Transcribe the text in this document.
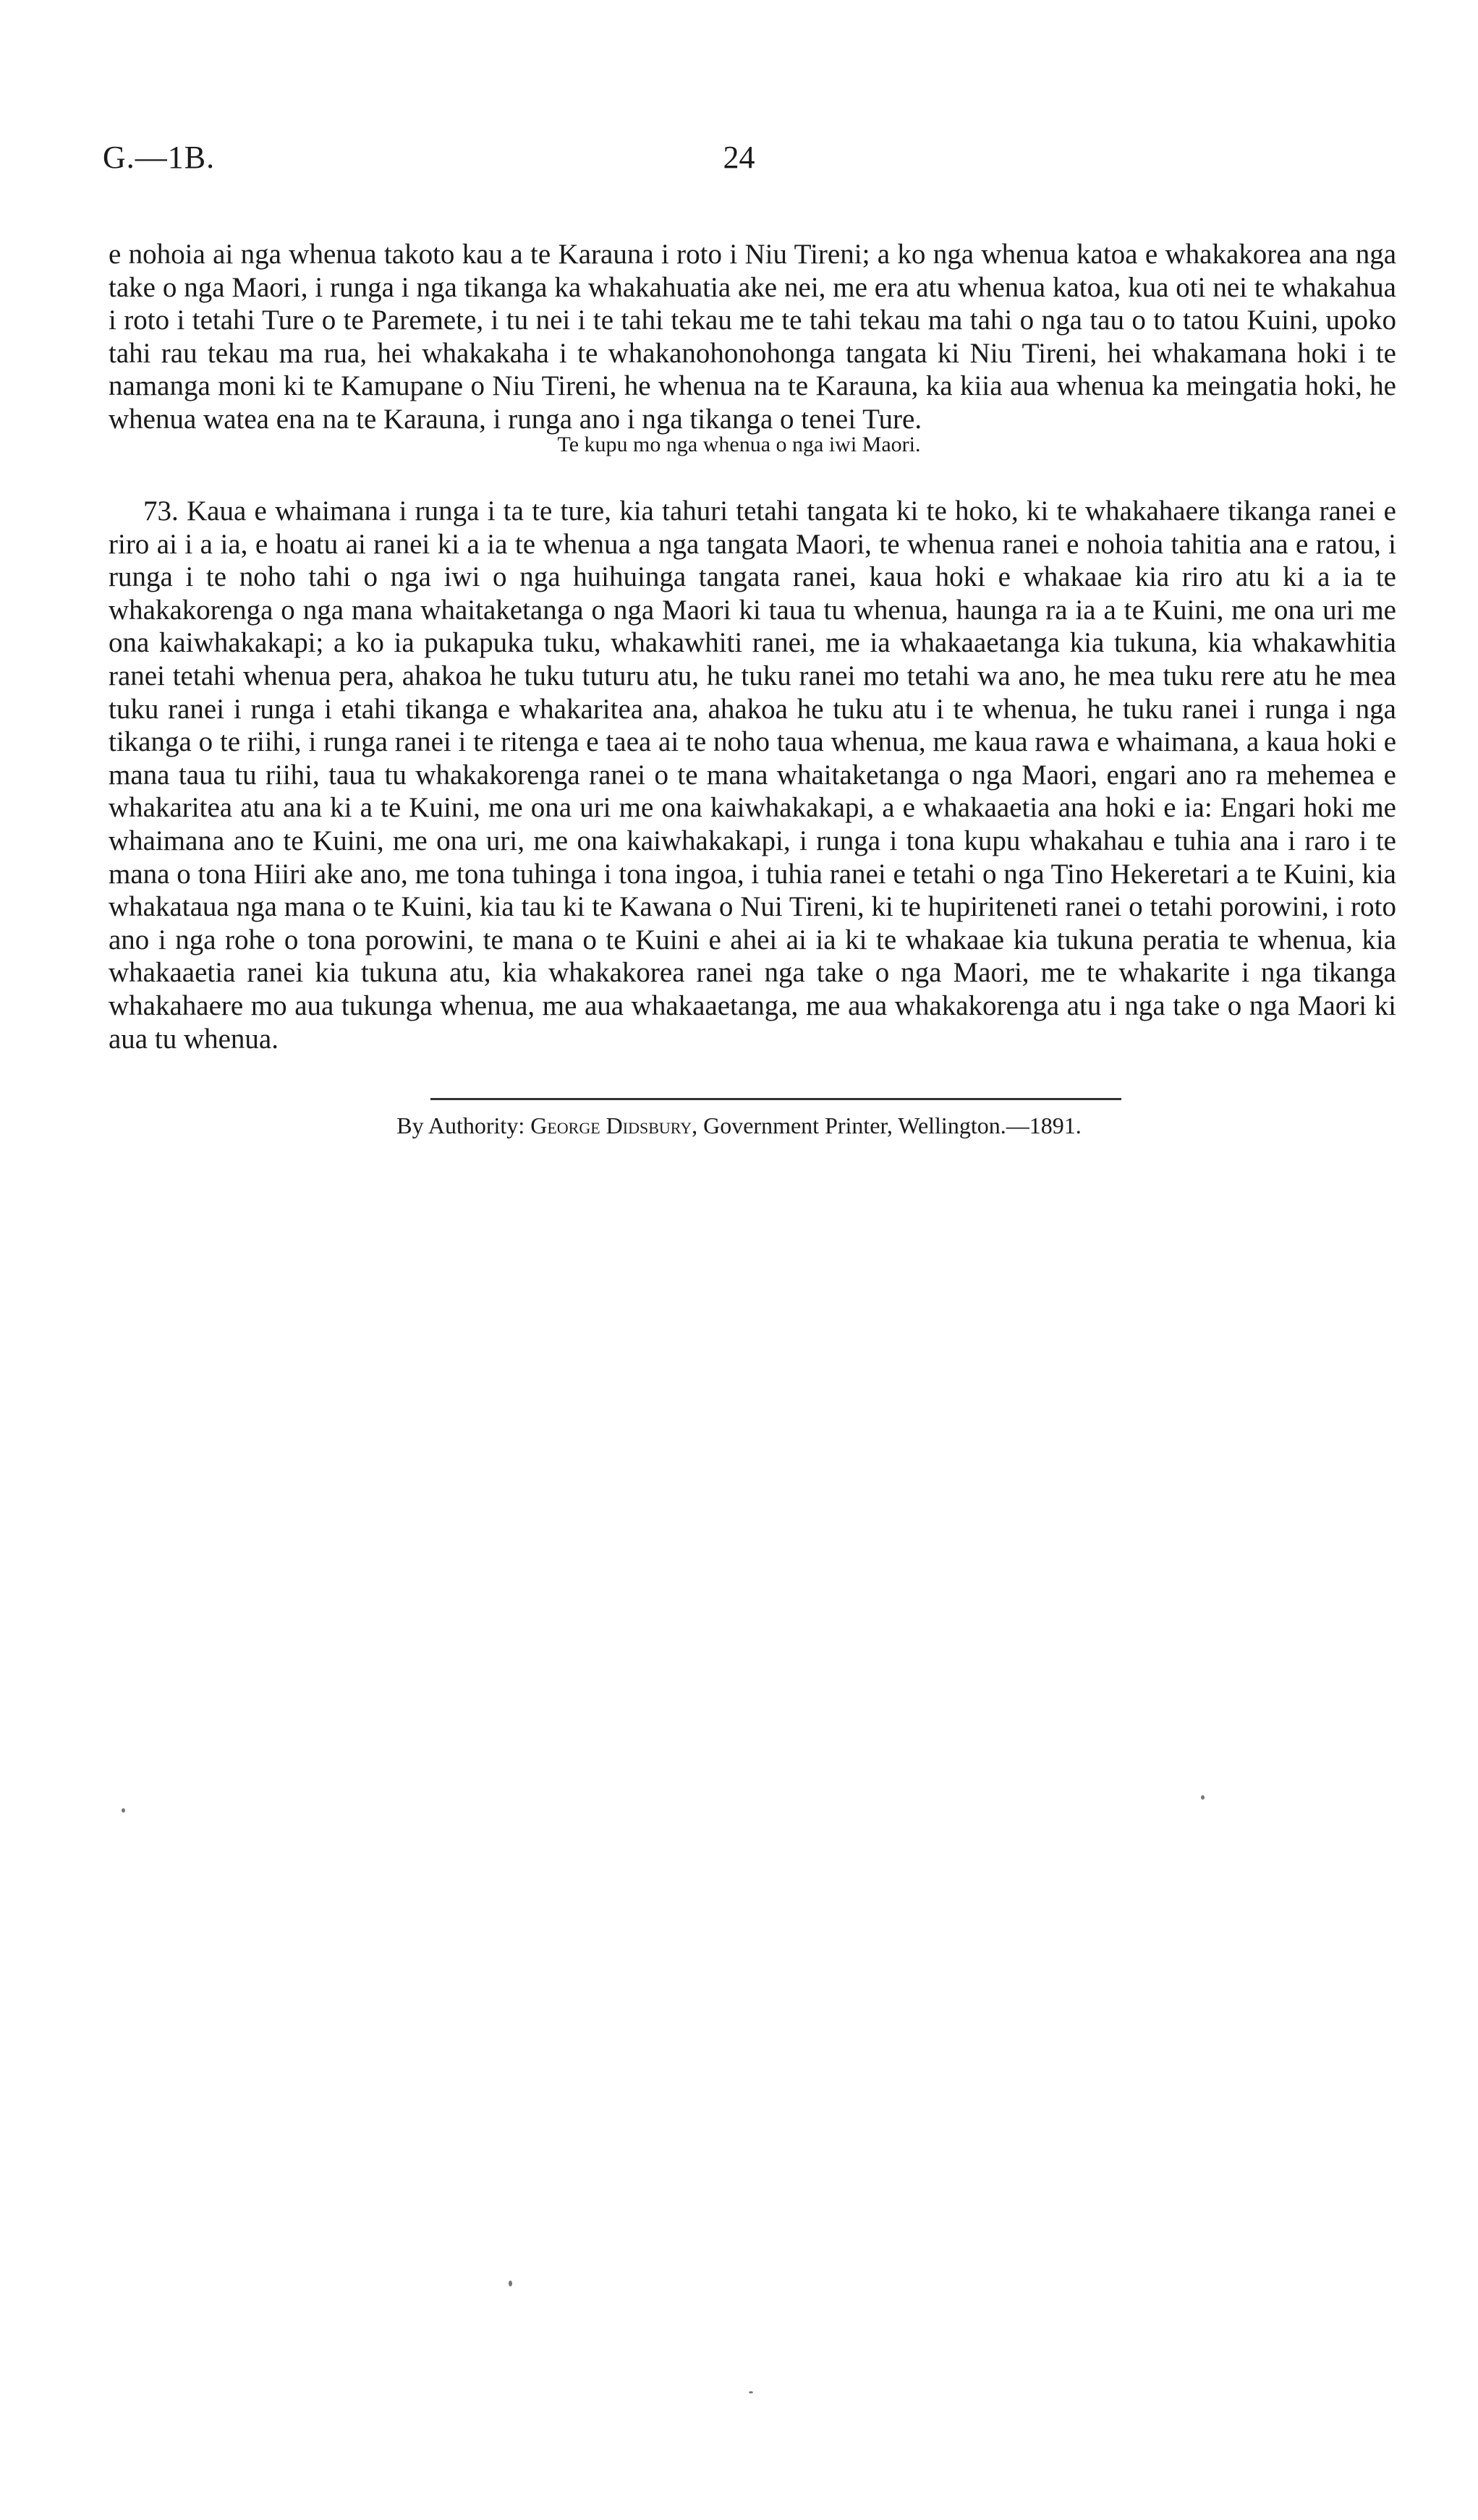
G.—1B.	24

e nohoia ai nga whenua takoto kau a te Karauna i roto i Niu Tireni; a ko nga whenua katoa e whakakorea ana nga take o nga Maori, i runga i nga tikanga ka whakahuatia ake nei, me era atu whenua katoa, kua oti nei te whakahua i roto i tetahi Ture o te Paremete, i tu nei i te tahi tekau me te tahi tekau ma tahi o nga tau o to tatou Kuini, upoko tahi rau tekau ma rua, hei whakakaha i te whakanohonohonga tangata ki Niu Tireni, hei whakamana hoki i te namanga moni ki te Kamupane o Niu Tireni, he whenua na te Karauna, ka kiia aua whenua ka meingatia hoki, he whenua watea ena na te Karauna, i runga ano i nga tikanga o tenei Ture.

Te kupu mo nga whenua o nga iwi Maori.

73. Kaua e whaimana i runga i ta te ture, kia tahuri tetahi tangata ki te hoko, ki te whakahaere tikanga ranei e riro ai i a ia, e hoatu ai ranei ki a ia te whenua a nga tangata Maori, te whenua ranei e nohoia tahitia ana e ratou, i runga i te noho tahi o nga iwi o nga huihuinga tangata ranei, kaua hoki e whakaae kia riro atu ki a ia te whakakorenga o nga mana whaitaketanga o nga Maori ki taua tu whenua, haunga ra ia a te Kuini, me ona uri me ona kaiwhakakapi; a ko ia pukapuka tuku, whakawhiti ranei, me ia whakaaetanga kia tukuna, kia whakawhitia ranei tetahi whenua pera, ahakoa he tuku tuturu atu, he tuku ranei mo tetahi wa ano, he mea tuku rere atu he mea tuku ranei i runga i etahi tikanga e whakaritea ana, ahakoa he tuku atu i te whenua, he tuku ranei i runga i nga tikanga o te riihi, i runga ranei i te ritenga e taea ai te noho taua whenua, me kaua rawa e whaimana, a kaua hoki e mana taua tu riihi, taua tu whakakorenga ranei o te mana whaitaketanga o nga Maori, engari ano ra mehemea e whakaritea atu ana ki a te Kuini, me ona uri me ona kaiwhakakapi, a e whakaaetia ana hoki e ia: Engari hoki me whaimana ano te Kuini, me ona uri, me ona kaiwhakakapi, i runga i tona kupu whakahau e tuhia ana i raro i te mana o tona Hiiri ake ano, me tona tuhinga i tona ingoa, i tuhia ranei e tetahi o nga Tino Hekeretari a te Kuini, kia whakataua nga mana o te Kuini, kia tau ki te Kawana o Nui Tireni, ki te hupiriteneti ranei o tetahi porowini, i roto ano i nga rohe o tona porowini, te mana o te Kuini e ahei ai ia ki te whakaae kia tukuna peratia te whenua, kia whakaaetia ranei kia tukuna atu, kia whakakorea ranei nga take o nga Maori, me te whakarite i nga tikanga whakahaere mo aua tukunga whenua, me aua whakaaetanga, me aua whakakorenga atu i nga take o nga Maori ki aua tu whenua.

By Authority: George Didsbury, Government Printer, Wellington.—1891.
